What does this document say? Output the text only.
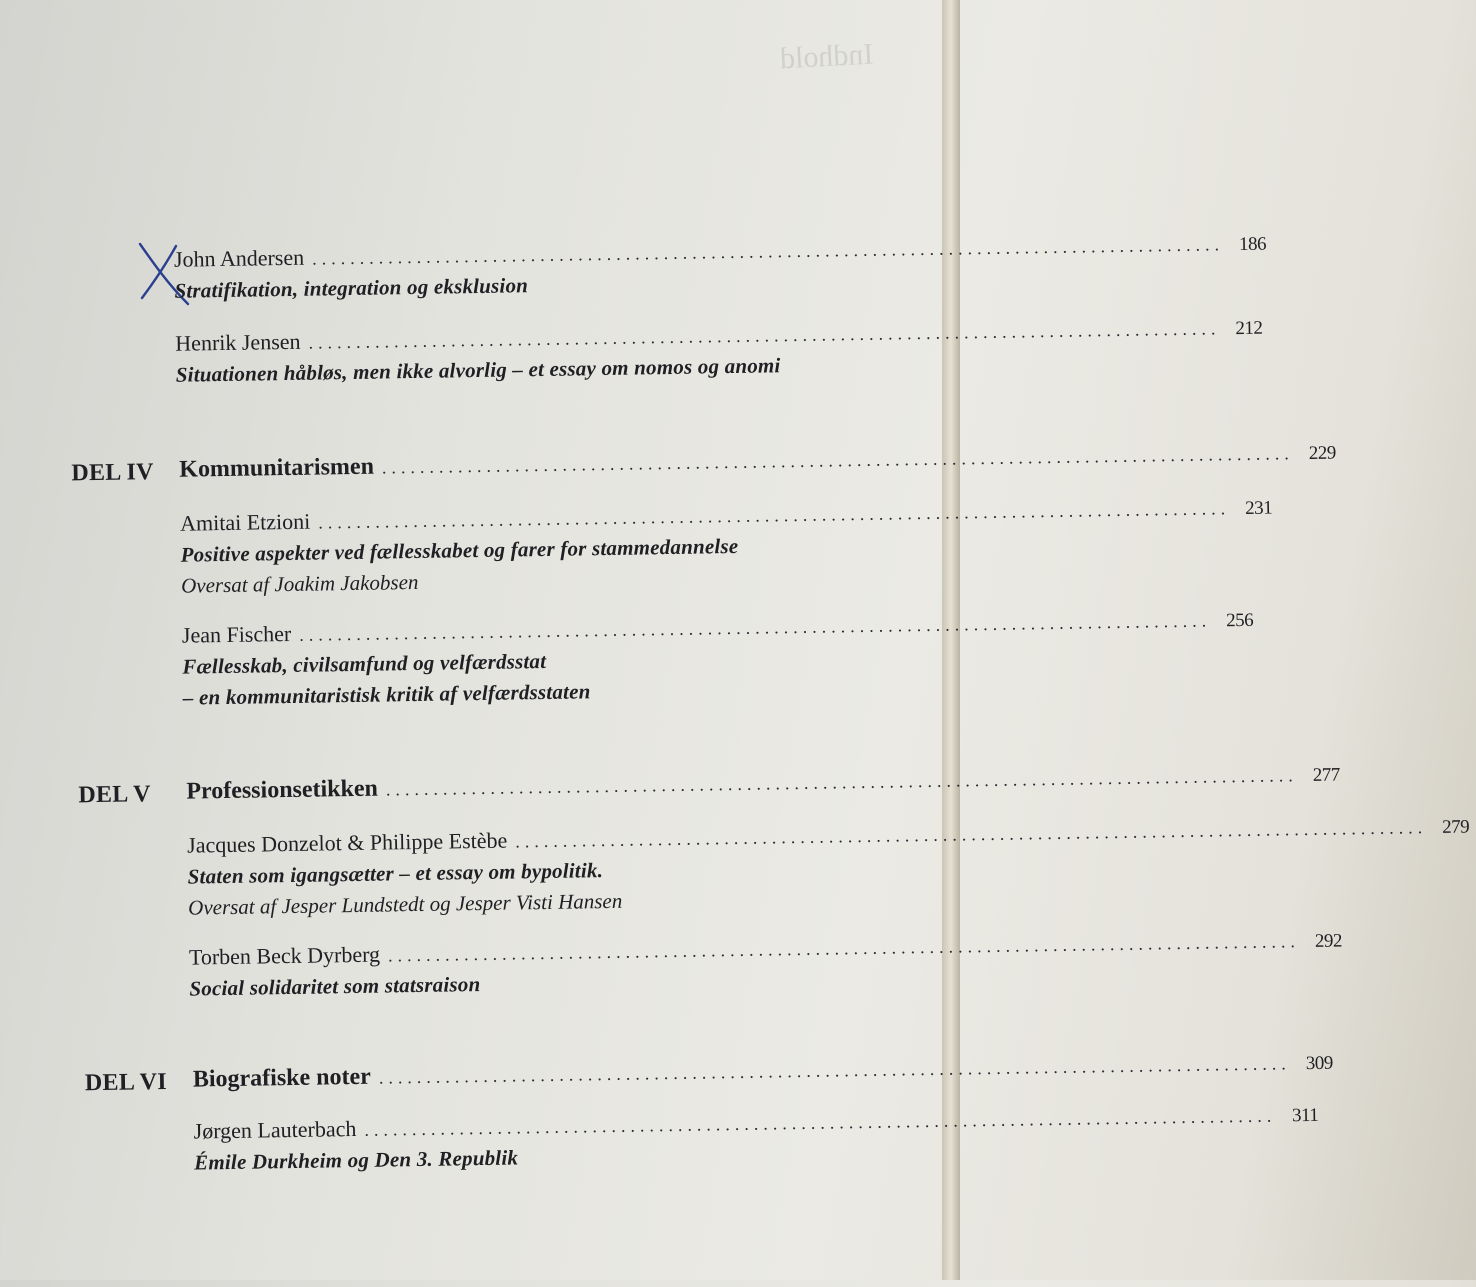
Indhold
John Andersen ................................................................................................ 186
Stratifikation, integration og eksklusion
Henrik Jensen ................................................................................................ 212
Situationen håbløs, men ikke alvorlig – et essay om nomos og anomi
DEL IV Kommunitarismen ................................................................................................ 229
Amitai Etzioni ................................................................................................ 231
Positive aspekter ved fællesskabet og farer for stammedannelse
Oversat af Joakim Jakobsen
Jean Fischer ................................................................................................ 256
Fællesskab, civilsamfund og velfærdsstat
– en kommunitaristisk kritik af velfærdsstaten
DEL V Professionsetikken ................................................................................................ 277
Jacques Donzelot & Philippe Estèbe ................................................................................................ 279
Staten som igangsætter – et essay om bypolitik.
Oversat af Jesper Lundstedt og Jesper Visti Hansen
Torben Beck Dyrberg ................................................................................................ 292
Social solidaritet som statsraison
DEL VI Biografiske noter ................................................................................................ 309
Jørgen Lauterbach ................................................................................................ 311
Émile Durkheim og Den 3. Republik
